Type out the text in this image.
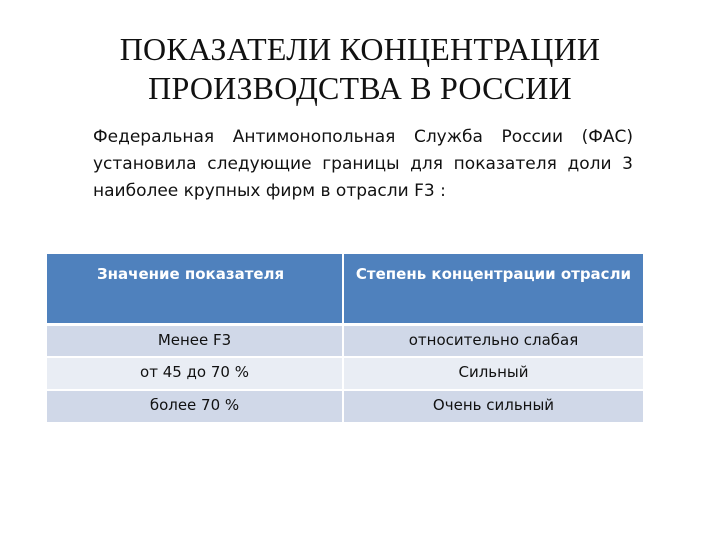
ПОКАЗАТЕЛИ КОНЦЕНТРАЦИИ
ПРОИЗВОДСТВА В РОССИИ

Федеральная Антимонопольная Служба России (ФАС) установила следующие границы для показателя доли 3 наиболее крупных фирм в отрасли F3 :

Значение показателя	Степень концентрации отрасли
Менее F3	относительно слабая
от 45 до 70 %	Сильный
более 70 %	Очень сильный
